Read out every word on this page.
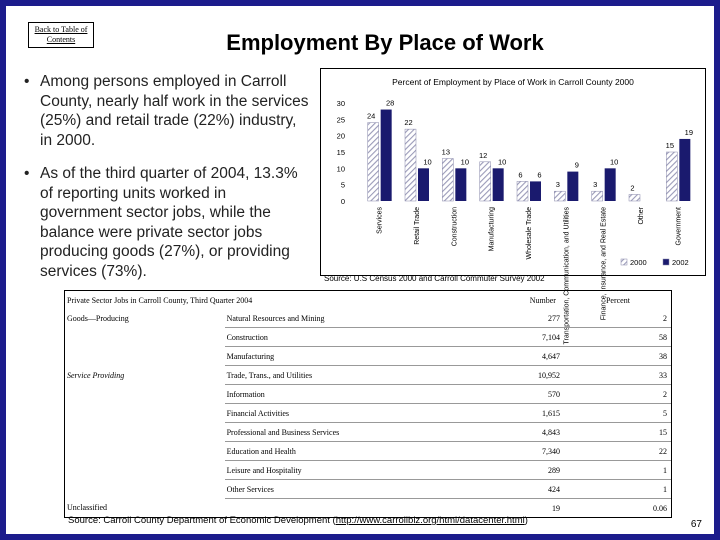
Back to Table of Contents	Employment By Place of Work
• Among persons employed in Carroll County, nearly half work in the services (25%) and retail trade (22%) industry, in 2000.
• As of the third quarter of 2004, 13.3% of reporting units worked in government sector jobs, while the balance were private sector jobs producing goods (27%), or providing services (73%).
Percent of Employment by Place of Work in Carroll County 2000
0
5
10
15
20
25
30
24
28
Services
22
10
Retail Trade
13
10
Construction
12
10
Manufacturing
6 6
Wholesale Trade
3
9
Transportation, Communication, and Utilities
3
10
Finance, Insurance, and Real Estate
2
Other
15
19
Government
2000	2002
Source: U.S Census 2000 and Carroll Commuter Survey 2002
Private Sector Jobs in Carroll County, Third Quarter 2004		Number	Percent
Goods—Producing	Natural Resources and Mining	277	2
	Construction	7,104	58
	Manufacturing	4,647	38
Service Providing	Trade, Trans., and Utilities	10,952	33
	Information	570	2
	Financial Activities	1,615	5
	Professional and Business Services	4,843	15
	Education and Health	7,340	22
	Leisure and Hospitality	289	1
	Other Services	424	1
Unclassified		19	0.06
Source: Carroll County Department of Economic Development (http://www.carrollbiz.org/html/datacenter.html)	67
